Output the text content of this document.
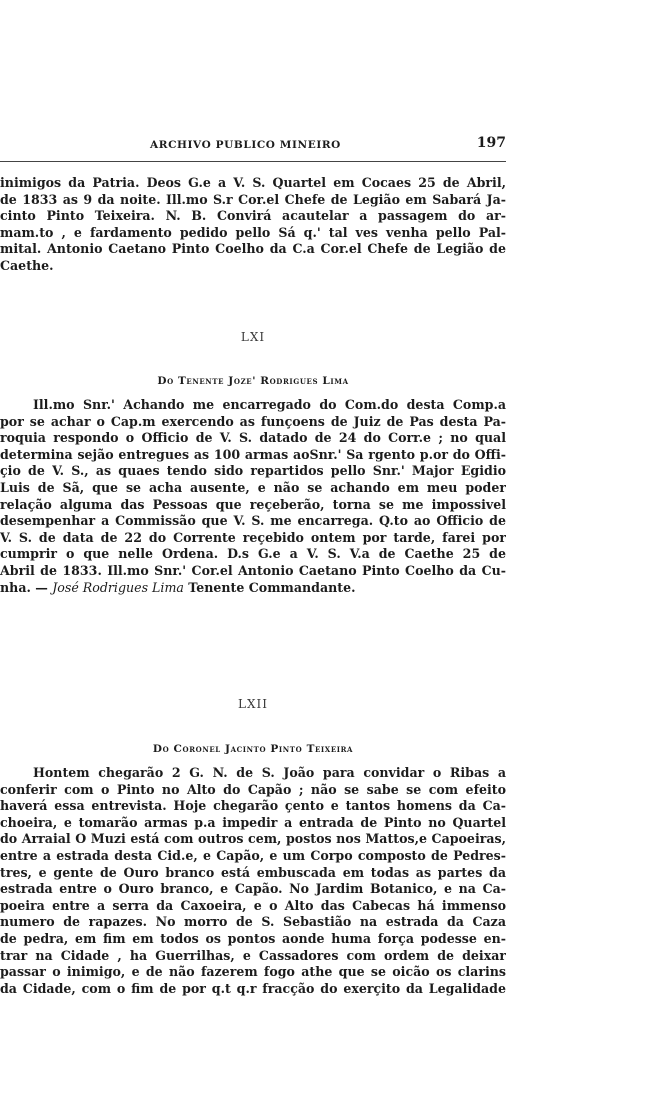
ARCHIVO PUBLICO MINEIRO	197
inimigos da Patria. Deos G.e a V. S. Quartel em Cocaes 25 de Abril,
de 1833 as 9 da noite. Ill.mo S.r Cor.el Chefe de Legião em Sabará Ja-
cinto Pinto Teixeira. N. B. Convirá acautelar a passagem do ar-
mam.to , e fardamento pedido pello Sá q.' tal ves venha pello Pal-
mital. Antonio Caetano Pinto Coelho da C.a Cor.el Chefe de Legião de
Caethe.
LXI
Do Tenente Joze' Rodrigues Lima
Ill.mo Snr.' Achando me encarregado do Com.do desta Comp.a
por se achar o Cap.m exercendo as funçoens de Juiz de Pas desta Pa-
roquia respondo o Officio de V. S. datado de 24 do Corr.e ; no qual
determina sejão entregues as 100 armas aoSnr.' Sa rgento p.or do Offi-
çio de V. S., as quaes tendo sido repartidos pello Snr.' Major Egidio
Luis de Sã, que se acha ausente, e não se achando em meu poder
relação alguma das Pessoas que reçeberão, torna se me impossivel
desempenhar a Commissão que V. S. me encarrega. Q.to ao Officio de
V. S. de data de 22 do Corrente reçebido ontem por tarde, farei por
cumprir o que nelle Ordena. D.s G.e a V. S. V.a de Caethe 25 de
Abril de 1833. Ill.mo Snr.' Cor.el Antonio Caetano Pinto Coelho da Cu-
nha. — José Rodrigues Lima Tenente Commandante.
LXII
Do Coronel Jacinto Pinto Teixeira
Hontem chegarão 2 G. N. de S. João para convidar o Ribas a
conferir com o Pinto no Alto do Capão ; não se sabe se com efeito
haverá essa entrevista. Hoje chegarão çento e tantos homens da Ca-
choeira, e tomarão armas p.a impedir a entrada de Pinto no Quartel
do Arraial O Muzi está com outros cem, postos nos Mattos,e Capoeiras,
entre a estrada desta Cid.e, e Capão, e um Corpo composto de Pedres-
tres, e gente de Ouro branco está embuscada em todas as partes da
estrada entre o Ouro branco, e Capão. No Jardim Botanico, e na Ca-
poeira entre a serra da Caxoeira, e o Alto das Cabecas há immenso
numero de rapazes. No morro de S. Sebastião na estrada da Caza
de pedra, em fim em todos os pontos aonde huma força podesse en-
trar na Cidade , ha Guerrilhas, e Cassadores com ordem de deixar
passar o inimigo, e de não fazerem fogo athe que se oicão os clarins
da Cidade, com o fim de por q.t q.r fracção do exerçito da Legalidade
